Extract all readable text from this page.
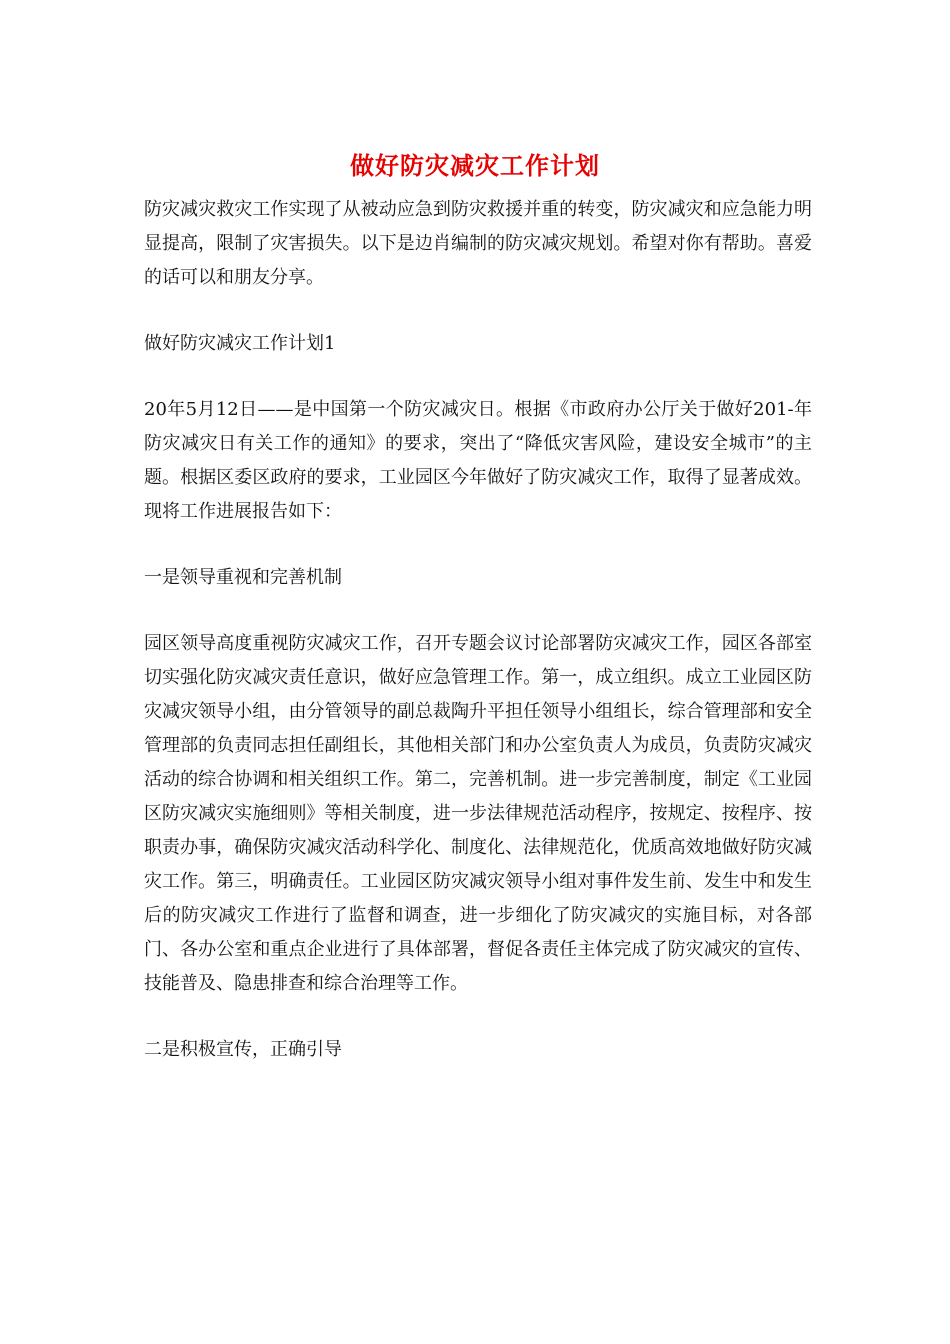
做好防灾减灾工作计划

防灾减灾救灾工作实现了从被动应急到防灾救援并重的转变，防灾减灾和应急能力明显提高，限制了灾害损失。以下是边肖编制的防灾减灾规划。希望对你有帮助。喜爱的话可以和朋友分享。

做好防灾减灾工作计划1

20年5月12日——是中国第一个防灾减灾日。根据《市政府办公厅关于做好201-年防灾减灾日有关工作的通知》的要求，突出了“降低灾害风险，建设安全城市”的主题。根据区委区政府的要求，工业园区今年做好了防灾减灾工作，取得了显著成效。现将工作进展报告如下：

一是领导重视和完善机制

园区领导高度重视防灾减灾工作，召开专题会议讨论部署防灾减灾工作，园区各部室切实强化防灾减灾责任意识，做好应急管理工作。第一，成立组织。成立工业园区防灾减灾领导小组，由分管领导的副总裁陶升平担任领导小组组长，综合管理部和安全管理部的负责同志担任副组长，其他相关部门和办公室负责人为成员，负责防灾减灾活动的综合协调和相关组织工作。第二，完善机制。进一步完善制度，制定《工业园区防灾减灾实施细则》等相关制度，进一步法律规范活动程序，按规定、按程序、按职责办事，确保防灾减灾活动科学化、制度化、法律规范化，优质高效地做好防灾减灾工作。第三，明确责任。工业园区防灾减灾领导小组对事件发生前、发生中和发生后的防灾减灾工作进行了监督和调查，进一步细化了防灾减灾的实施目标，对各部门、各办公室和重点企业进行了具体部署，督促各责任主体完成了防灾减灾的宣传、技能普及、隐患排查和综合治理等工作。

二是积极宣传，正确引导
